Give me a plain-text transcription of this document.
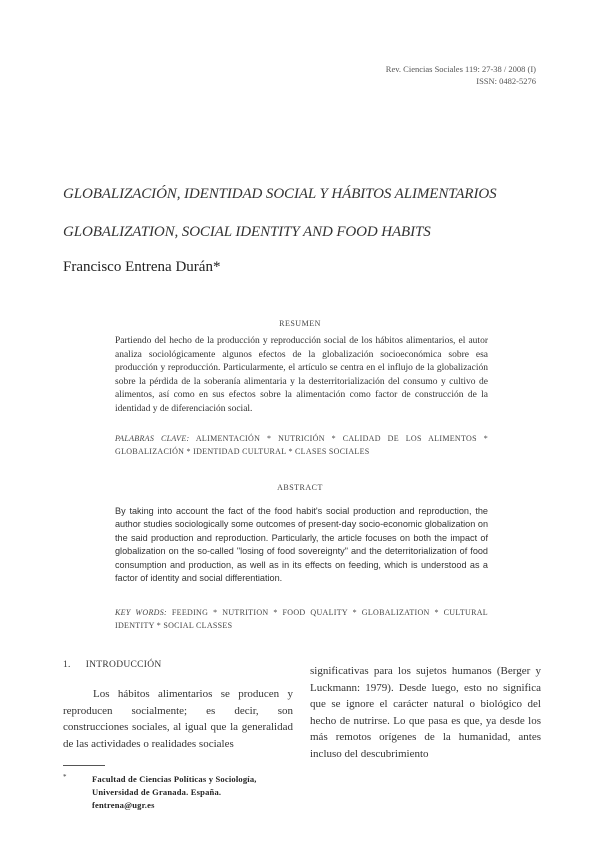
Rev. Ciencias Sociales 119: 27-38 / 2008 (I)
ISSN: 0482-5276
GLOBALIZACIÓN, IDENTIDAD SOCIAL Y HÁBITOS ALIMENTARIOS
GLOBALIZATION, SOCIAL IDENTITY AND FOOD HABITS
Francisco Entrena Durán*
RESUMEN
Partiendo del hecho de la producción y reproducción social de los hábitos alimentarios, el autor analiza sociológicamente algunos efectos de la globalización socioeconómica sobre esa producción y reproducción. Particularmente, el artículo se centra en el influjo de la globalización sobre la pérdida de la soberanía alimentaria y la desterritorialización del consumo y cultivo de alimentos, así como en sus efectos sobre la alimentación como factor de construcción de la identidad y de diferenciación social.
PALABRAS CLAVE: ALIMENTACIÓN * NUTRICIÓN * CALIDAD DE LOS ALIMENTOS * GLOBALIZACIÓN * IDENTIDAD CULTURAL * CLASES SOCIALES
ABSTRACT
By taking into account the fact of the food habit's social production and reproduction, the author studies sociologically some outcomes of present-day socio-economic globalization on the said production and reproduction. Particularly, the article focuses on both the impact of globalization on the so-called "losing of food sovereignty" and the deterritorialization of food consumption and production, as well as in its effects on feeding, which is understood as a factor of identity and social differentiation.
KEY WORDS: FEEDING * NUTRITION * FOOD QUALITY * GLOBALIZATION * CULTURAL IDENTITY * SOCIAL CLASSES
1. INTRODUCCIÓN
Los hábitos alimentarios se producen y reproducen socialmente; es decir, son construcciones sociales, al igual que la generalidad de las actividades o realidades sociales
significativas para los sujetos humanos (Berger y Luckmann: 1979). Desde luego, esto no significa que se ignore el carácter natural o biológico del hecho de nutrirse. Lo que pasa es que, ya desde los más remotos orígenes de la humanidad, antes incluso del descubrimiento
*	Facultad de Ciencias Políticas y Sociología,
Universidad de Granada. España.
fentrena@ugr.es
